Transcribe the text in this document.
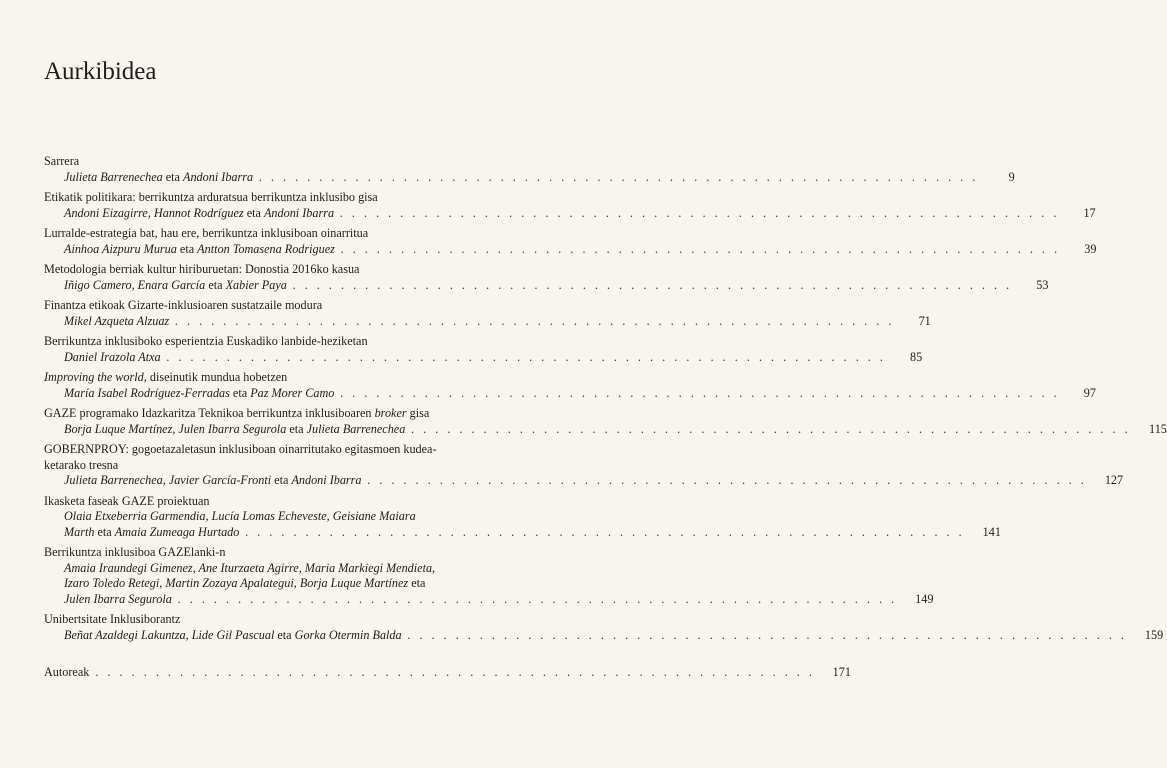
Aurkibidea
Sarrera
Julieta Barrenechea eta Andoni Ibarra . . . . . . . . . . . . . . . . . . . . . . . . . . . . . . . . . . . . . . . . . . . . . . . . . . . . . . . . . . . .	9
Etikatik politikara: berrikuntza arduratsua berrikuntza inklusibo gisa
Andoni Eizagirre, Hannot Rodríguez eta Andoni Ibarra . . . . . . . . . . . . . . . . . . . . . . . . . . . . . . . . . . . . . . . . . . . . . . . . . . . . . . . . . . . .	17
Lurralde-estrategia bat, hau ere, berrikuntza inklusiboan oinarritua
Ainhoa Aizpuru Murua eta Antton Tomasena Rodriguez . . . . . . . . . . . . . . . . . . . . . . . . . . . . . . . . . . . . . . . . . . . . . . . . . . . . . . . . . . . .	39
Metodologia berriak kultur hiriburuetan: Donostia 2016ko kasua
Iñigo Camero, Enara García eta Xabier Paya . . . . . . . . . . . . . . . . . . . . . . . . . . . . . . . . . . . . . . . . . . . . . . . . . . . . . . . . . . . .	53
Finantza etikoak Gizarte-inklusioaren sustatzaile modura
Mikel Azqueta Alzuaz . . . . . . . . . . . . . . . . . . . . . . . . . . . . . . . . . . . . . . . . . . . . . . . . . . . . . . . . . . . .	71
Berrikuntza inklusiboko esperientzia Euskadiko lanbide-heziketan
Daniel Irazola Atxa . . . . . . . . . . . . . . . . . . . . . . . . . . . . . . . . . . . . . . . . . . . . . . . . . . . . . . . . . . . .	85
Improving the world, diseinutik mundua hobetzen
María Isabel Rodríguez-Ferradas eta Paz Morer Camo . . . . . . . . . . . . . . . . . . . . . . . . . . . . . . . . . . . . . . . . . . . . . . . . . . . . . . . . . . . .	97
GAZE programako Idazkaritza Teknikoa berrikuntza inklusiboaren broker gisa
Borja Luque Martínez, Julen Ibarra Segurola eta Julieta Barrenechea . . . . . . . . . . . . . . . . . . . . . . . . . . . . . . . . . . . . . . . . . . . . . . . . . . . . . . . . . . . .	115
GOBERNPROY: gogoetazaletasun inklusiboan oinarritutako egitasmoen kudea-
ketarako tresna
Julieta Barrenechea, Javier García-Fronti eta Andoni Ibarra . . . . . . . . . . . . . . . . . . . . . . . . . . . . . . . . . . . . . . . . . . . . . . . . . . . . . . . . . . . .	127
Ikasketa faseak GAZE proiektuan
Olaia Etxeberria Garmendia, Lucía Lomas Echeveste, Geisiane Maiara
Marth eta Amaia Zumeaga Hurtado . . . . . . . . . . . . . . . . . . . . . . . . . . . . . . . . . . . . . . . . . . . . . . . . . . . . . . . . . . . .	141
Berrikuntza inklusiboa GAZElanki-n
Amaia Iraundegi Gimenez, Ane Iturzaeta Agirre, Maria Markiegi Mendieta,
Izaro Toledo Retegi, Martin Zozaya Apalategui, Borja Luque Martínez eta
Julen Ibarra Segurola . . . . . . . . . . . . . . . . . . . . . . . . . . . . . . . . . . . . . . . . . . . . . . . . . . . . . . . . . . . .	149
Unibertsitate Inklusiborantz
Beñat Azaldegi Lakuntza, Lide Gil Pascual eta Gorka Otermin Balda . . . . . . . . . . . . . . . . . . . . . . . . . . . . . . . . . . . . . . . . . . . . . . . . . . . . . . . . . . . .	159
Autoreak . . . . . . . . . . . . . . . . . . . . . . . . . . . . . . . . . . . . . . . . . . . . . . . . . . . . . . . . . . . .	171
